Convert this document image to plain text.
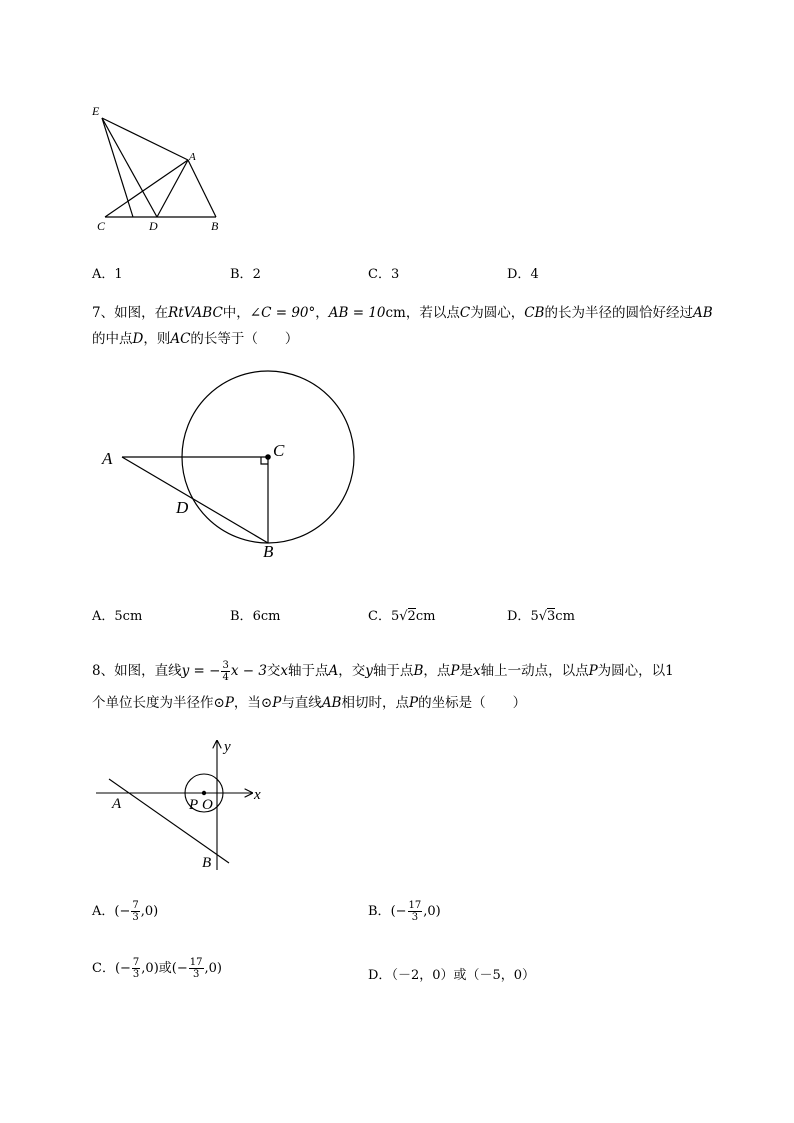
E
A
C	D	B
A．1	B．2	C．3	D．4
7、如图，在RtVABC中，∠C = 90°，AB = 10cm，若以点C为圆心，CB的长为半径的圆恰好经过AB
的中点D，则AC的长等于（　　）
A	C
D
B
A．5cm	B．6cm	C．5√2cm	D．5√3cm
8、如图，直线y = − $\frac{3}{4}$ x − 3交x轴于点A，交y轴于点B，点P是x轴上一动点，以点P为圆心，以1
个单位长度为半径作⊙P，当⊙P与直线AB相切时，点P的坐标是（　　）
y
x
A	P O
B
A．(− $\frac{7}{3} ,0$)	B．(− $\frac{17}{3} ,0$)
C．(− $\frac{7}{3} ,0$)或(− $\frac{17}{3} ,0$)	D．（－2，0）或（－5，0）
